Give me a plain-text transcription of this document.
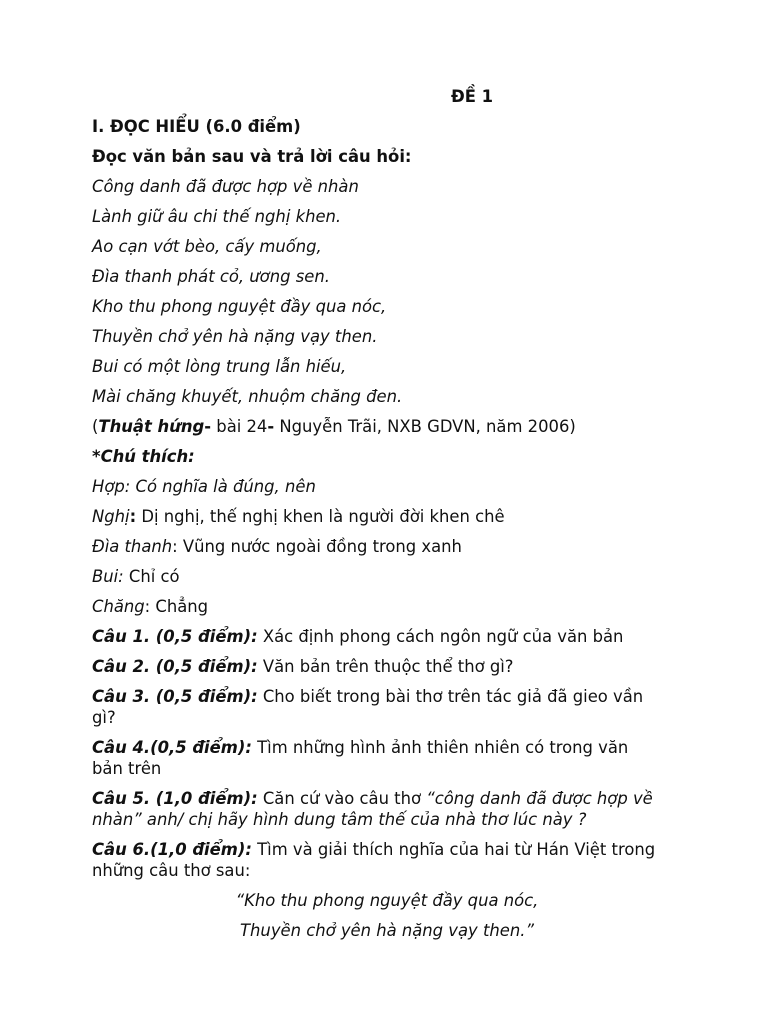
ĐỀ 1

I. ĐỌC HIỂU (6.0 điểm)

Đọc văn bản sau và trả lời câu hỏi:

Công danh đã được hợp về nhàn

Lành giữ âu chi thế nghị khen.

Ao cạn vớt bèo, cấy muống,

Đìa thanh phát cỏ, ương sen.

Kho thu phong nguyệt đầy qua nóc,

Thuyền chở yên hà nặng vạy then.

Bui có một lòng trung lẫn hiếu,

Mài chăng khuyết, nhuộm chăng đen.

(Thuật hứng- bài 24- Nguyễn Trãi, NXB GDVN, năm 2006)

*Chú thích:

Hợp: Có nghĩa là đúng, nên

Nghị: Dị nghị, thế nghị khen là người đời khen chê

Đìa thanh: Vũng nước ngoài đồng trong xanh

Bui: Chỉ có

Chăng: Chẳng

Câu 1. (0,5 điểm): Xác định phong cách ngôn ngữ của văn bản

Câu 2. (0,5 điểm): Văn bản trên thuộc thể thơ gì?

Câu 3. (0,5 điểm): Cho biết trong bài thơ trên tác giả đã gieo vần

gì?

Câu 4.(0,5 điểm): Tìm những hình ảnh thiên nhiên có trong văn

bản trên

Câu 5. (1,0 điểm): Căn cứ vào câu thơ “công danh đã được hợp về

nhàn” anh/ chị hãy hình dung tâm thế của nhà thơ lúc này ?

Câu 6.(1,0 điểm): Tìm và giải thích nghĩa của hai từ Hán Việt trong

những câu thơ sau:

“Kho thu phong nguyệt đầy qua nóc,

Thuyền chở yên hà nặng vạy then.”
